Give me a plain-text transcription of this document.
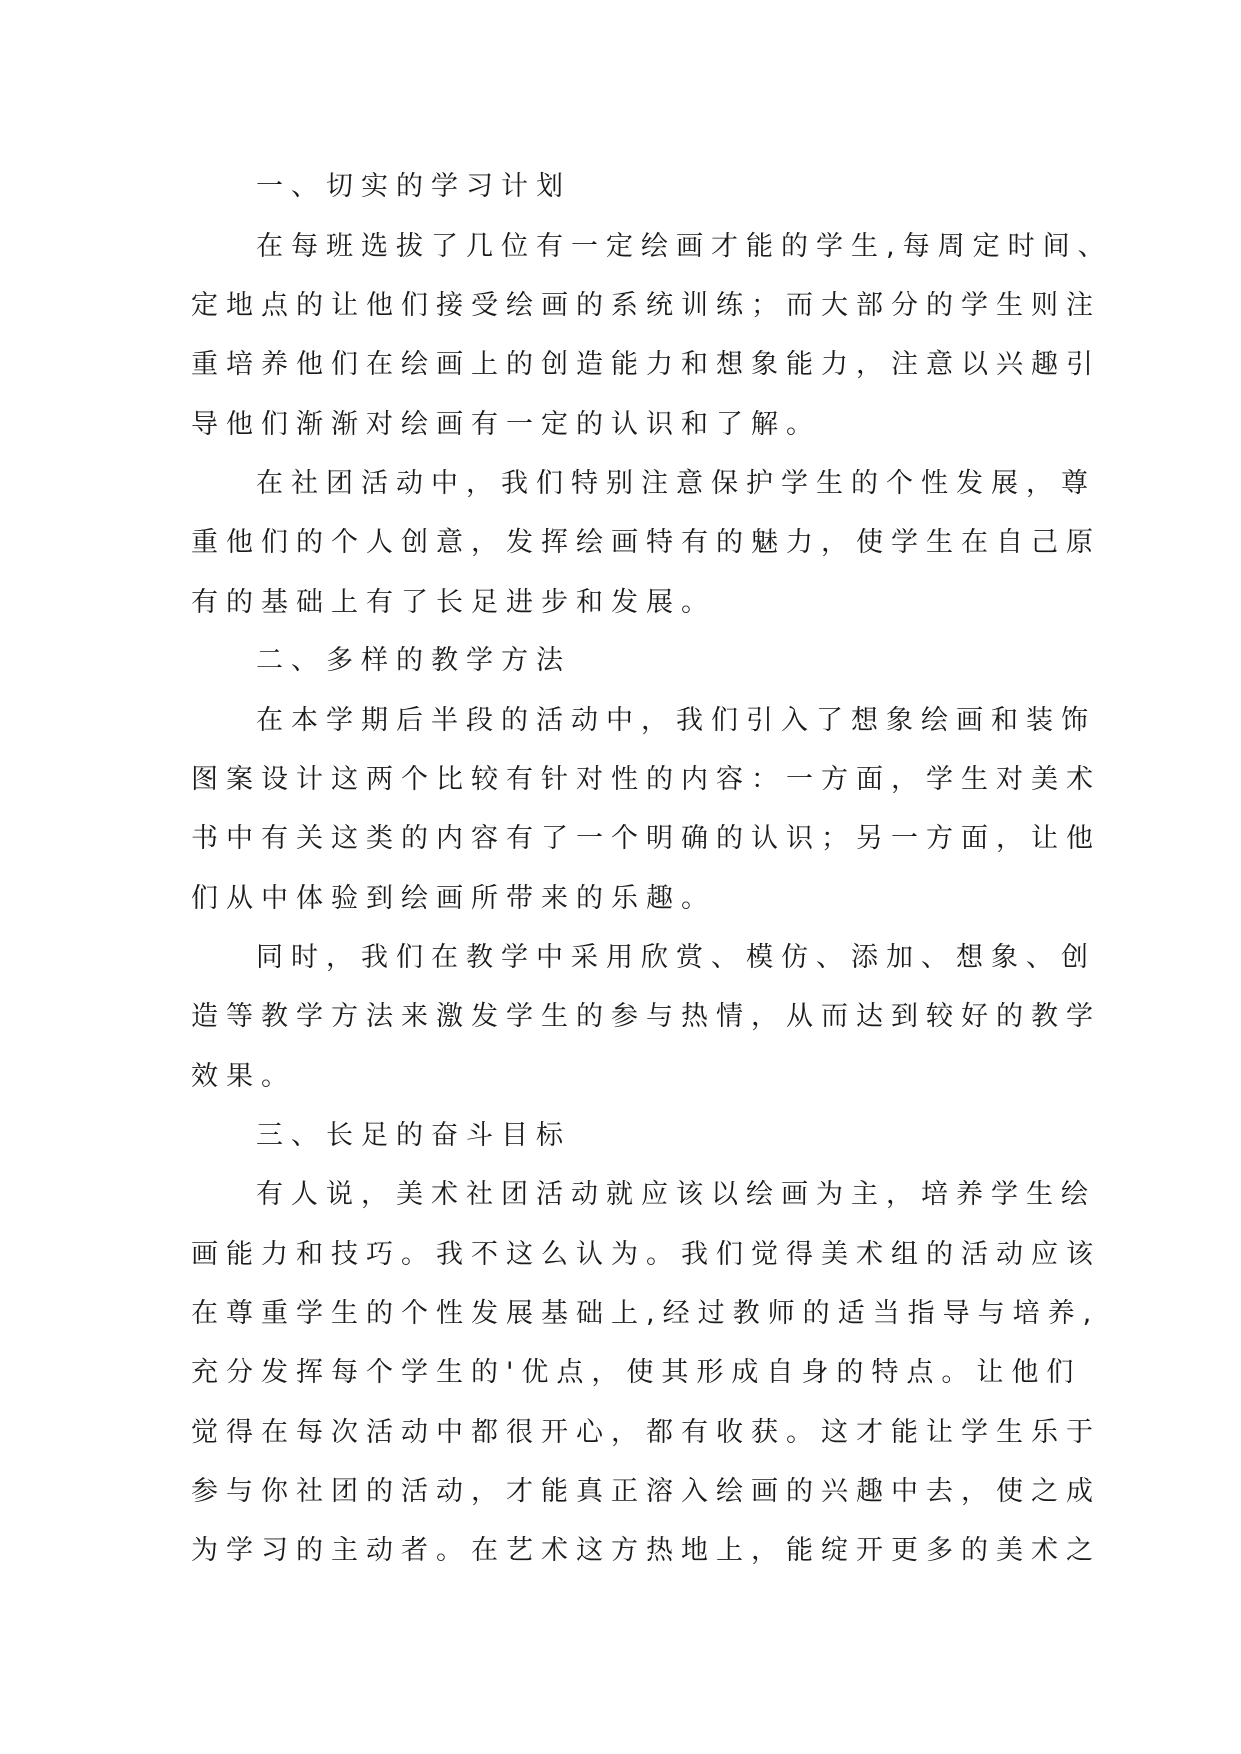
一、切实的学习计划
在每班选拔了几位有一定绘画才能的学生,每周定时间、
定地点的让他们接受绘画的系统训练；而大部分的学生则注
重培养他们在绘画上的创造能力和想象能力，注意以兴趣引
导他们渐渐对绘画有一定的认识和了解。
在社团活动中，我们特别注意保护学生的个性发展，尊
重他们的个人创意，发挥绘画特有的魅力，使学生在自己原
有的基础上有了长足进步和发展。
二、多样的教学方法
在本学期后半段的活动中，我们引入了想象绘画和装饰
图案设计这两个比较有针对性的内容：一方面，学生对美术
书中有关这类的内容有了一个明确的认识；另一方面，让他
们从中体验到绘画所带来的乐趣。
同时，我们在教学中采用欣赏、模仿、添加、想象、创
造等教学方法来激发学生的参与热情，从而达到较好的教学
效果。
三、长足的奋斗目标
有人说，美术社团活动就应该以绘画为主，培养学生绘
画能力和技巧。我不这么认为。我们觉得美术组的活动应该
在尊重学生的个性发展基础上,经过教师的适当指导与培养,
充分发挥每个学生的'优点，使其形成自身的特点。让他们
觉得在每次活动中都很开心，都有收获。这才能让学生乐于
参与你社团的活动，才能真正溶入绘画的兴趣中去，使之成
为学习的主动者。在艺术这方热地上，能绽开更多的美术之
